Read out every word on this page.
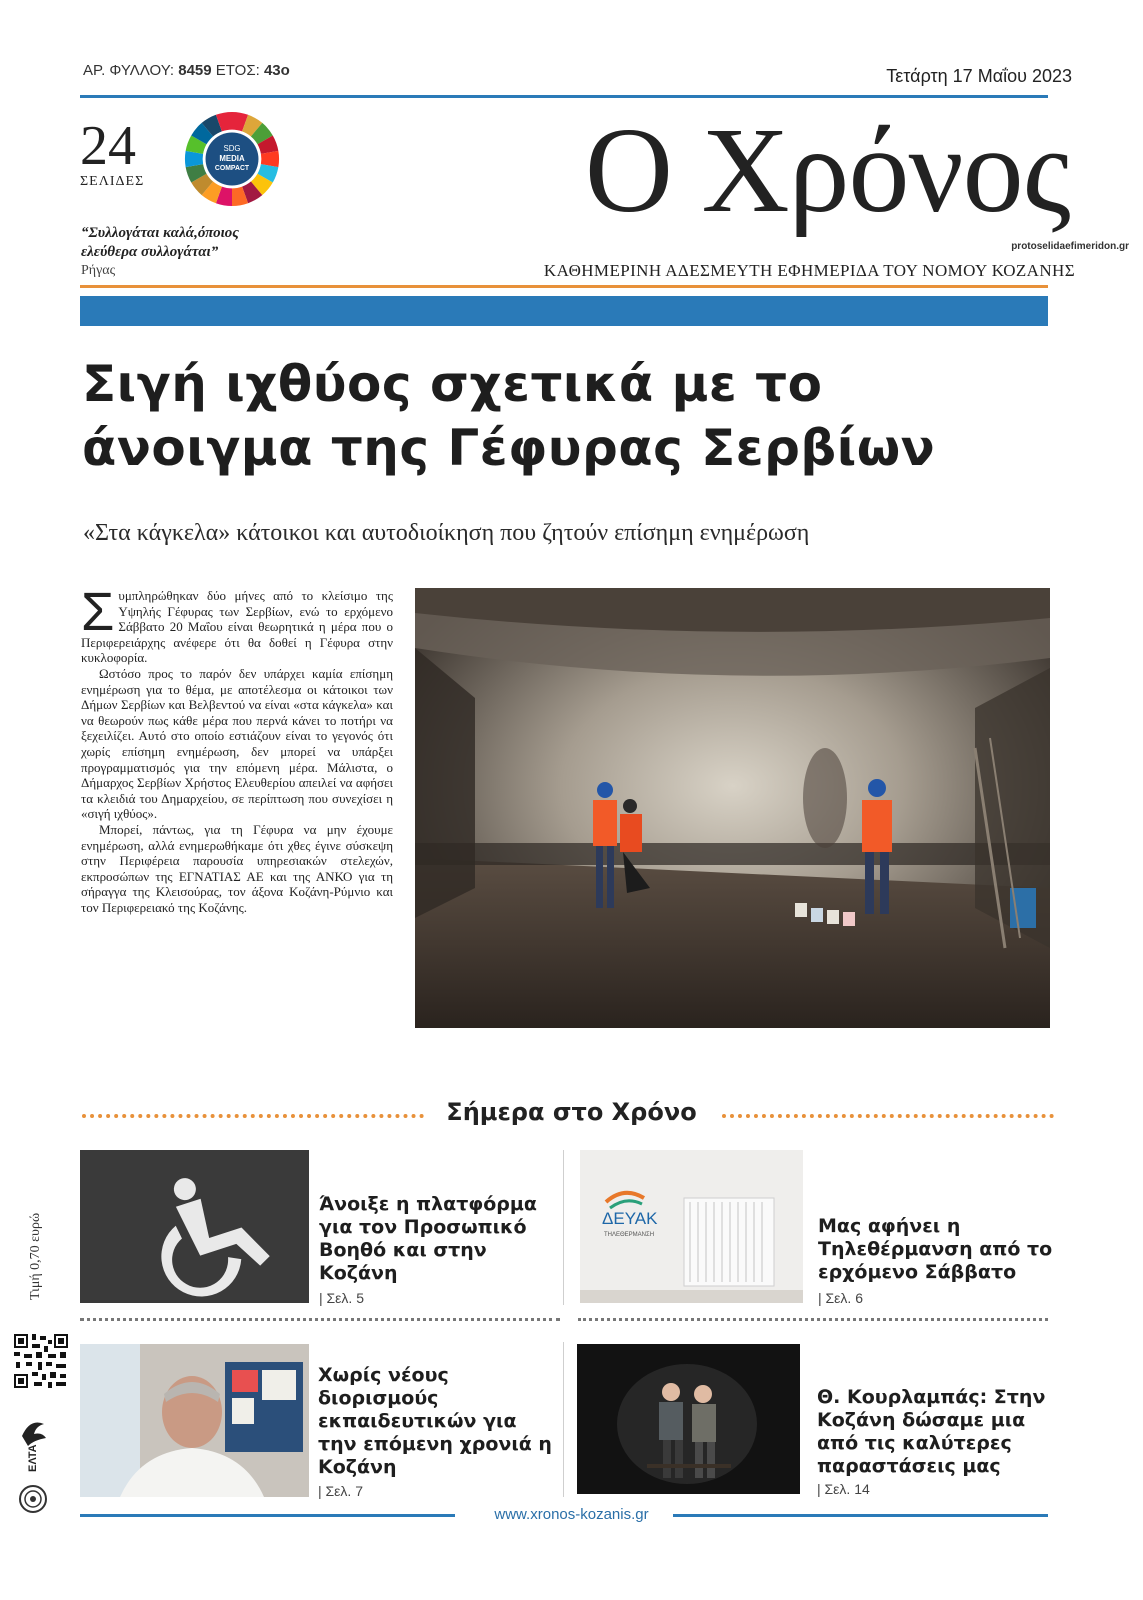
ΑΡ. ΦΥΛΛΟΥ: 8459 ΕΤΟΣ: 43ο	Τετάρτη 17 Μαΐου 2023
24
ΣΕΛΙΔΕΣ
SDG
MEDIA
COMPACT
“Συλλογάται καλά,όποιος
ελεύθερα συλλογάται”
Ρήγας
Ο Χρόνος
ΚΑΘΗΜΕΡΙΝΗ ΑΔΕΣΜΕΥΤΗ ΕΦΗΜΕΡΙΔΑ ΤΟΥ ΝΟΜΟΥ ΚΟΖΑΝΗΣ
protoselidaefimeridon.gr
Σιγή ιχθύος σχετικά με το
άνοιγμα της Γέφυρας Σερβίων
«Στα κάγκελα» κάτοικοι και αυτοδιοίκηση που ζητούν επίσημη ενημέρωση

Συμπληρώθηκαν δύο μήνες από το κλείσιμο της Υψηλής Γέφυρας των Σερβίων, ενώ το ερχόμενο Σάββατο 20 Μαΐου είναι θεωρητικά η μέρα που ο Περιφερειάρχης ανέφερε ότι θα δοθεί η Γέφυρα στην κυκλοφορία.

Ωστόσο προς το παρόν δεν υπάρχει καμία επίσημη ενημέρωση για το θέμα, με αποτέλεσμα οι κάτοικοι των Δήμων Σερβίων και Βελβεντού να είναι «στα κάγκελα» και να θεωρούν πως κάθε μέρα που περνά κάνει το ποτήρι να ξεχειλίζει. Αυτό στο οποίο εστιάζουν είναι το γεγονός ότι χωρίς επίσημη ενημέρωση, δεν μπορεί να υπάρξει προγραμματισμός για την επόμενη μέρα. Μάλιστα, ο Δήμαρχος Σερβίων Χρήστος Ελευθερίου απειλεί να αφήσει τα κλειδιά του Δημαρχείου, σε περίπτωση που συνεχίσει η «σιγή ιχθύος».

Μπορεί, πάντως, για τη Γέφυρα να μην έχουμε ενημέρωση, αλλά ενημερωθήκαμε ότι χθες έγινε σύσκεψη στην Περιφέρεια παρουσία υπηρεσιακών στελεχών, εκπροσώπων της ΕΓΝΑΤΙΑΣ ΑΕ και της ΑΝΚΟ για τη σήραγγα της Κλεισούρας, τον άξονα Κοζάνη-Ρύμνιο και τον Περιφερειακό της Κοζάνης.

Σήμερα στο Χρόνο
Άνοιξε η πλατφόρμα για τον Προσωπικό Βοηθό και στην Κοζάνη
| Σελ. 5
ΔΕΥΑΚ
ΤΗΛΕΘΕΡΜΑΝΣΗ	Μας αφήνει η Τηλεθέρμανση από το ερχόμενο Σάββατο
| Σελ. 6
Χωρίς νέους διορισμούς εκπαιδευτικών για την επόμενη χρονιά η Κοζάνη
| Σελ. 7
Θ. Κουρλαμπάς: Στην Κοζάνη δώσαμε μια από τις καλύτερες παραστάσεις μας
| Σελ. 14
Τιμή 0,70 ευρώ
ΕΛΤΑ
www.xronos-kozanis.gr
